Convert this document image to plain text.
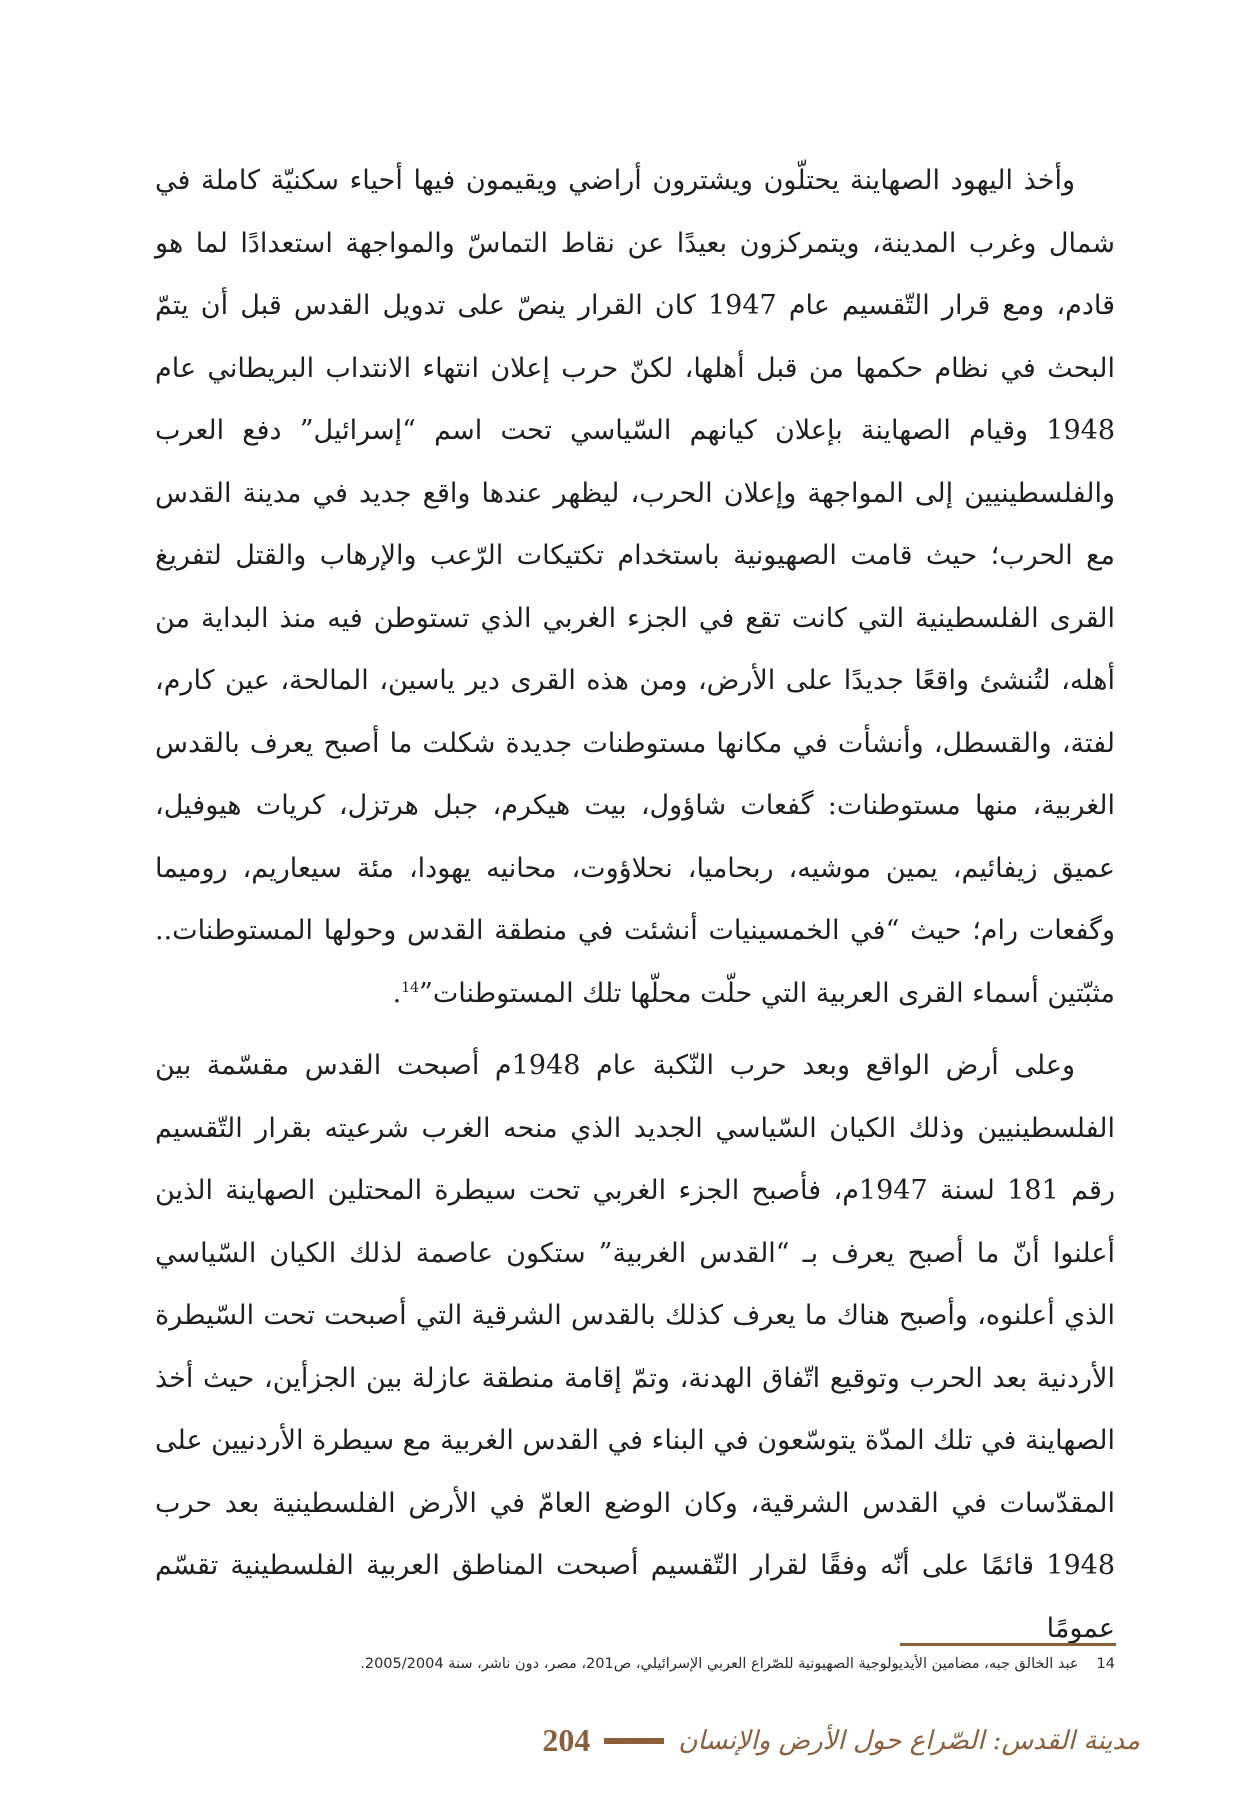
وأخذ اليهود الصهاينة يحتلّون ويشترون أراضي ويقيمون فيها أحياء سكنيّة كاملة في شمال وغرب المدينة، ويتمركزون بعيدًا عن نقاط التماسّ والمواجهة استعدادًا لما هو قادم، ومع قرار التّقسيم عام 1947 كان القرار ينصّ على تدويل القدس قبل أن يتمّ البحث في نظام حكمها من قبل أهلها، لكنّ حرب إعلان انتهاء الانتداب البريطاني عام 1948 وقيام الصهاينة بإعلان كيانهم السّياسي تحت اسم “إسرائيل” دفع العرب والفلسطينيين إلى المواجهة وإعلان الحرب، ليظهر عندها واقع جديد في مدينة القدس مع الحرب؛ حيث قامت الصهيونية باستخدام تكتيكات الرّعب والإرهاب والقتل لتفريغ القرى الفلسطينية التي كانت تقع في الجزء الغربي الذي تستوطن فيه منذ البداية من أهله، لتُنشئ واقعًا جديدًا على الأرض، ومن هذه القرى دير ياسين، المالحة، عين كارم، لفتة، والقسطل، وأنشأت في مكانها مستوطنات جديدة شكلت ما أصبح يعرف بالقدس الغربية، منها مستوطنات: گفعات شاؤول، بيت هيكرم، جبل هرتزل، كريات هيوفيل، عميق زيفائيم، يمين موشيه، ربحاميا، نحلاؤوت، محانيه يهودا، مئة سيعاريم، روميما وگفعات رام؛ حيث “في الخمسينيات أنشئت في منطقة القدس وحولها المستوطنات.. مثبّتين أسماء القرى العربية التي حلّت محلّها تلك المستوطنات”$^{14}$.

وعلى أرض الواقع وبعد حرب النّكبة عام 1948م أصبحت القدس مقسّمة بين الفلسطينيين وذلك الكيان السّياسي الجديد الذي منحه الغرب شرعيته بقرار التّقسيم رقم 181 لسنة 1947م، فأصبح الجزء الغربي تحت سيطرة المحتلين الصهاينة الذين أعلنوا أنّ ما أصبح يعرف بـ “القدس الغربية” ستكون عاصمة لذلك الكيان السّياسي الذي أعلنوه، وأصبح هناك ما يعرف كذلك بالقدس الشرقية التي أصبحت تحت السّيطرة الأردنية بعد الحرب وتوقيع اتّفاق الهدنة، وتمّ إقامة منطقة عازلة بين الجزأين، حيث أخذ الصهاينة في تلك المدّة يتوسّعون في البناء في القدس الغربية مع سيطرة الأردنيين على المقدّسات في القدس الشرقية، وكان الوضع العامّ في الأرض الفلسطينية بعد حرب 1948 قائمًا على أنّه وفقًا لقرار التّقسيم أصبحت المناطق العربية الفلسطينية تقسّم عمومًا

14عبد الخالق جبه، مضامين الأيديولوجية الصهيونية للصّراع العربي الإسرائيلي، ص201، مصر، دون ناشر، سنة 2005/2004.
مدينة القدس: الصّراع حول الأرض والإنسان
204
